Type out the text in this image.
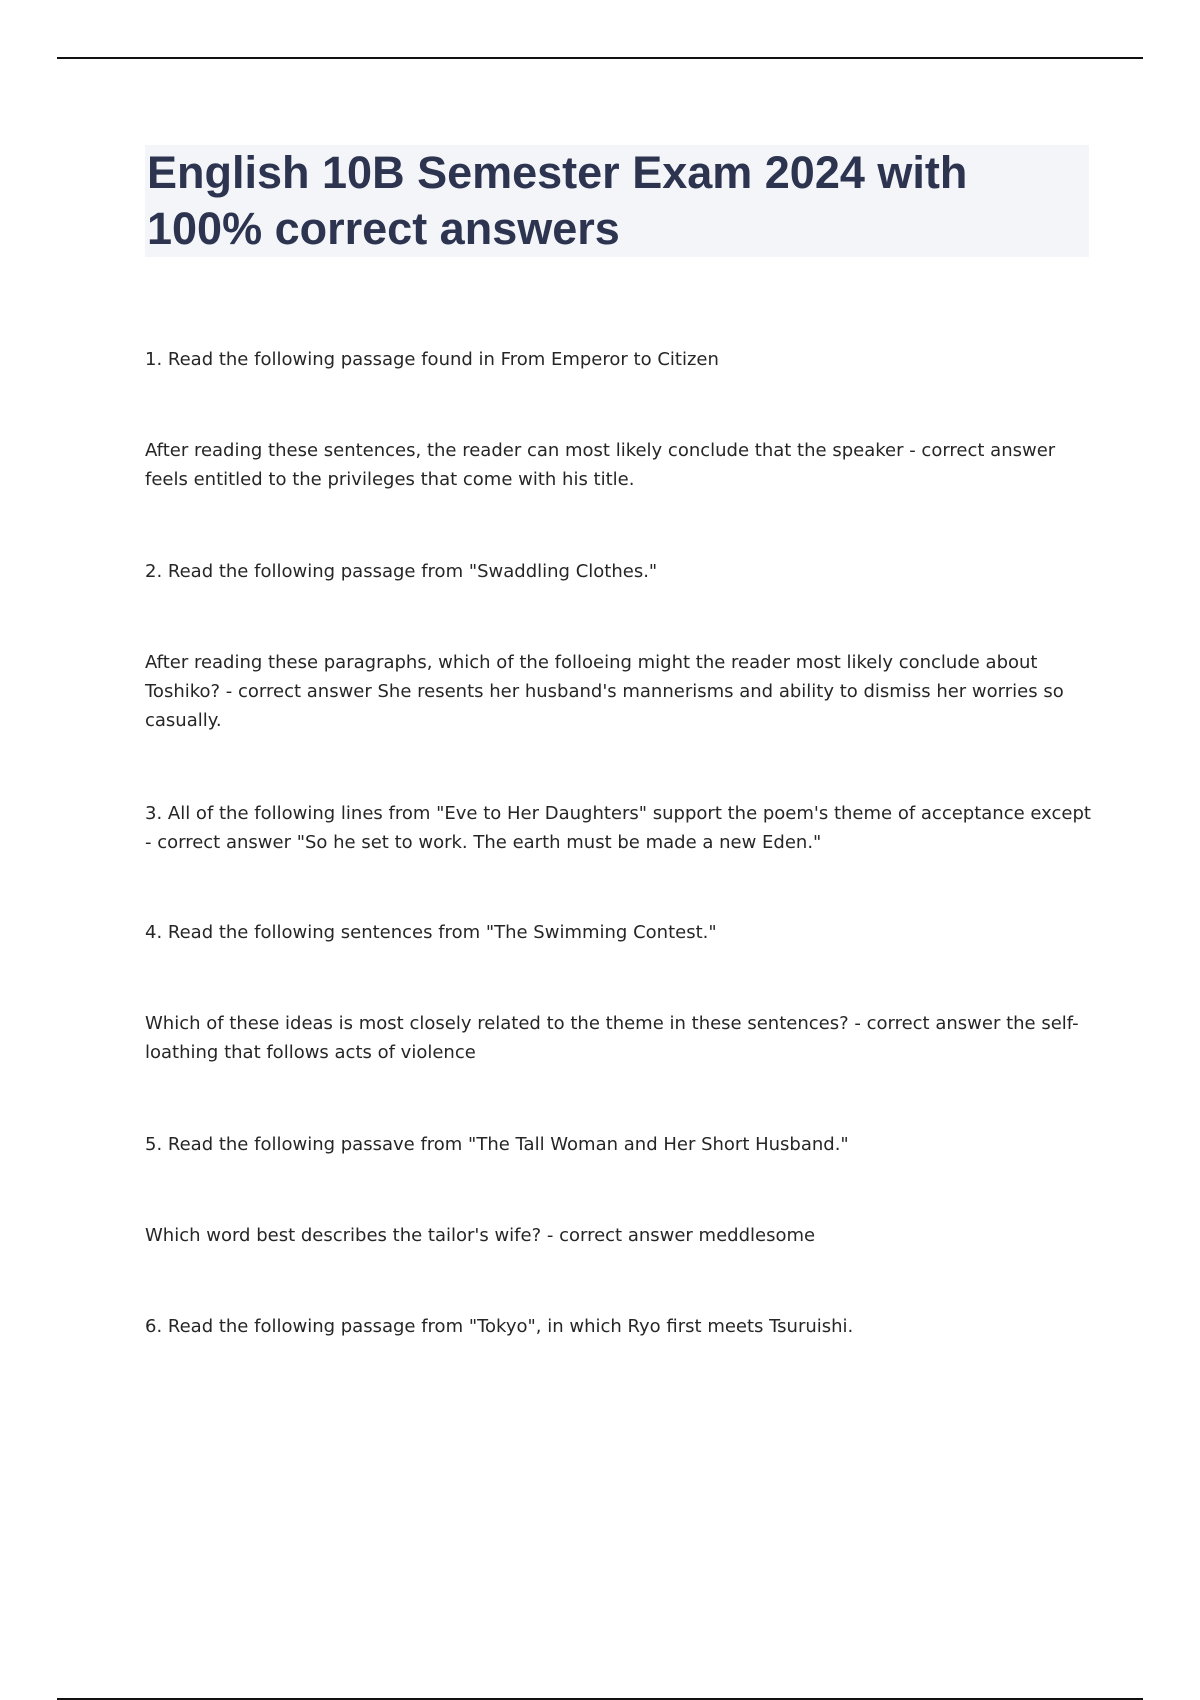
English 10B Semester Exam 2024 with
100% correct answers

1. Read the following passage found in From Emperor to Citizen

After reading these sentences, the reader can most likely conclude that the speaker - correct answer
feels entitled to the privileges that come with his title.

2. Read the following passage from "Swaddling Clothes."

After reading these paragraphs, which of the folloeing might the reader most likely conclude about
Toshiko? - correct answer She resents her husband's mannerisms and ability to dismiss her worries so
casually.

3. All of the following lines from "Eve to Her Daughters" support the poem's theme of acceptance except
- correct answer "So he set to work. The earth must be made a new Eden."

4. Read the following sentences from "The Swimming Contest."

Which of these ideas is most closely related to the theme in these sentences? - correct answer the self-
loathing that follows acts of violence

5. Read the following passave from "The Tall Woman and Her Short Husband."

Which word best describes the tailor's wife? - correct answer meddlesome

6. Read the following passage from "Tokyo", in which Ryo first meets Tsuruishi.
